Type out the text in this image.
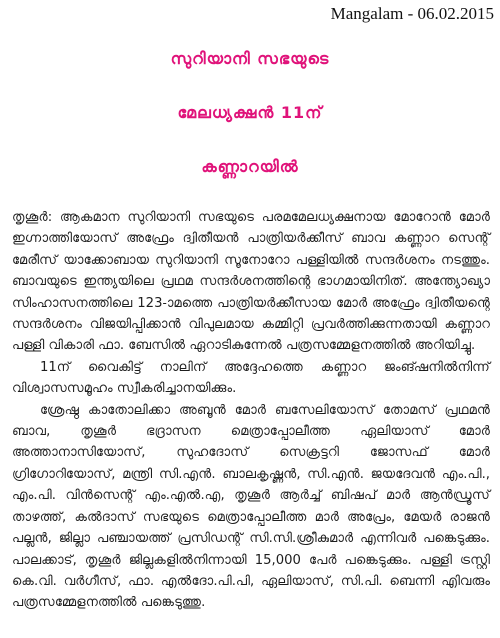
Mangalam - 06.02.2015
സുറിയാനി സഭയുടെ
മേലധ്യക്ഷന്‍ 11ന്
കണ്ണാറയില്‍

തൃശൂര്‍: ആകമാന സുറിയാനി സഭയുടെ പരമമേലധ്യക്ഷനായ മോറോന്‍ മോര്‍ ഇഗ്നാത്തിയോസ് അഫ്രേം ദ്വിതീയന്‍ പാത്രിയര്‍ക്കീസ് ബാവ കണ്ണാറ സെന്റ് മേരീസ് യാക്കോബായ സുറിയാനി സൂനോറോ പള്ളിയില്‍ സന്ദര്‍ശനം നടത്തും. ബാവയുടെ ഇന്ത്യയിലെ പ്രഥമ സന്ദര്‍ശനത്തിന്റെ ഭാഗമായിനിത്. അന്ത്യോഖ്യാ സിംഹാസനത്തിലെ 123-ാമത്തെ പാത്രിയര്‍ക്കീസായ മോര്‍ അഫ്രേം ദ്വിതീയന്റെ സന്ദര്‍ശനം വിജയിപ്പിക്കാന്‍ വിപുലമായ കമ്മിറ്റി പ്രവര്‍ത്തിക്കുന്നതായി കണ്ണാറ പള്ളി വികാരി ഫാ. ബേസില്‍ ഏറാടികുന്നേല്‍ പത്രസമ്മേളനത്തില്‍ അറിയിച്ചു.

11ന് വൈകിട്ട് നാലിന് അദ്ദേഹത്തെ കണ്ണാറ ജംങ്ഷനില്‍നിന്ന് വിശ്വാസസമൂഹം സ്വീകരിച്ചാനയിക്കും.

ശ്രേഷ്ഠ കാതോലിക്കാ അബൂന്‍ മോര്‍ ബസേലിയോസ് തോമസ് പ്രഥമന്‍ ബാവ, തൃശൂര്‍ ഭദ്രാസന മെത്രാപ്പോലീത്ത ഏലിയാസ് മോര്‍ അത്താനാസിയോസ്, സുഹദോസ് സെക്രട്ടറി ജോസഫ് മോര്‍ ഗ്രിഗോറിയോസ്, മന്ത്രി സി.എന്‍. ബാലകൃഷ്ണന്‍, സി.എന്‍. ജയദേവന്‍ എം.പി., എം.പി. വിന്‍സെന്റ് എം.എല്‍.എ, തൃശൂര്‍ ആര്‍ച്ച് ബിഷപ് മാര്‍ ആന്‍ഡ്രൂസ് താഴത്ത്, കല്‍ദാസ് സഭയുടെ മെത്രാപ്പോലീത്ത മാര്‍ അപ്രേം, മേയര്‍ രാജന്‍ പല്ലന്‍, ജില്ലാ പഞ്ചായത്ത് പ്രസിഡന്റ് സി.സി.ശ്രീകുമാര്‍ എന്നിവര്‍ പങ്കെടുക്കും. പാലക്കാട്, തൃശൂര്‍ ജില്ലകളില്‍നിന്നായി 15,000 പേര്‍ പങ്കെടുക്കും. പള്ളി ട്രസ്റ്റി കെ.വി. വര്‍ഗീസ്, ഫാ. എല്‍ദോ.പി.പി, ഏലിയാസ്, സി.പി. ബെന്നി എിവരും പത്രസമ്മേളനത്തില്‍ പങ്കെടുത്തു.
